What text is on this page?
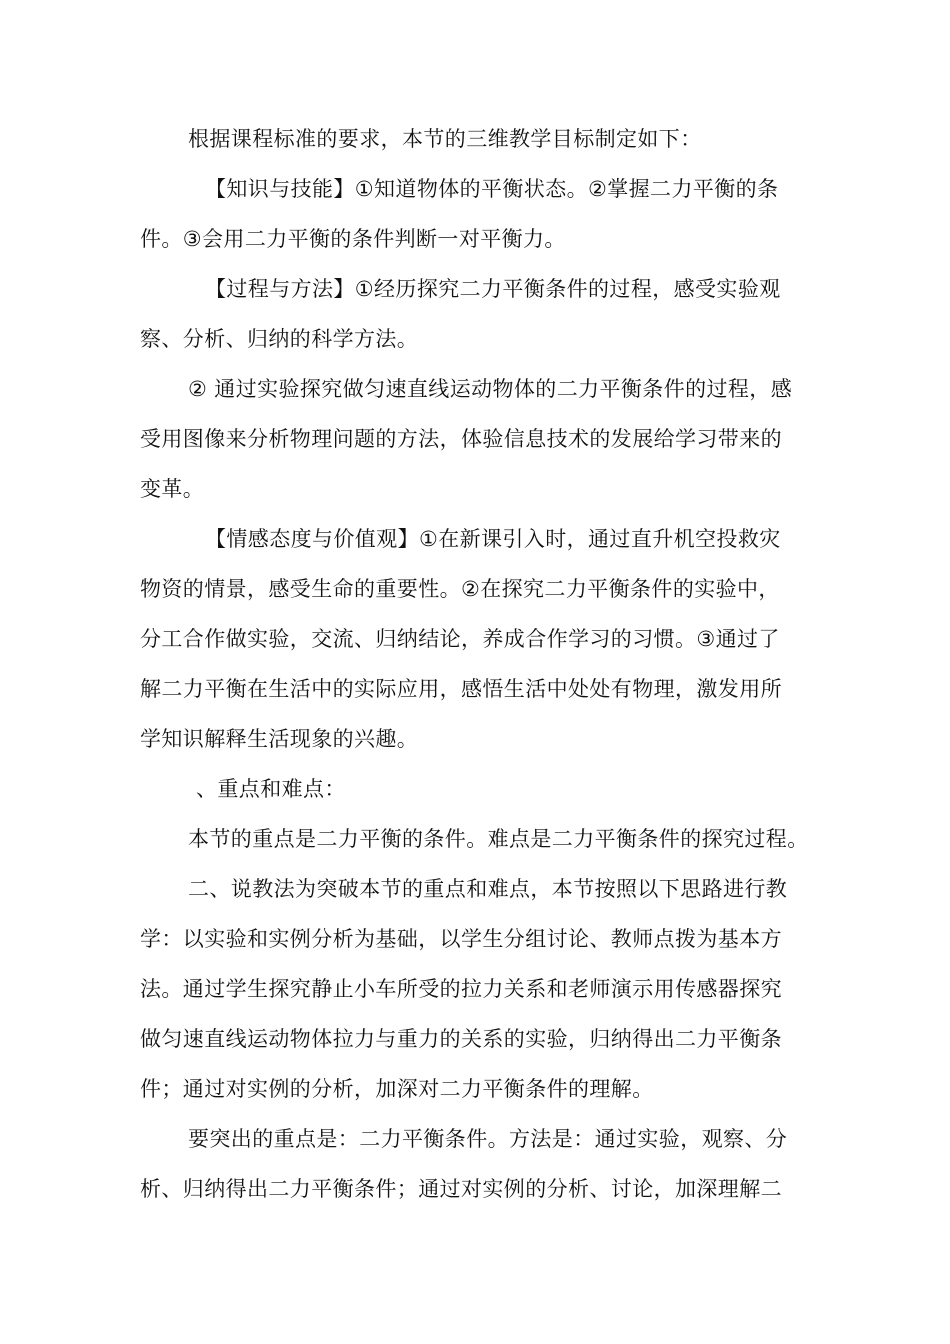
根据课程标准的要求，本节的三维教学目标制定如下：
【知识与技能】①知道物体的平衡状态。②掌握二力平衡的条
件。③会用二力平衡的条件判断一对平衡力。
【过程与方法】①经历探究二力平衡条件的过程，感受实验观
察、分析、归纳的科学方法。
② 通过实验探究做匀速直线运动物体的二力平衡条件的过程，感
受用图像来分析物理问题的方法，体验信息技术的发展给学习带来的
变革。
【情感态度与价值观】①在新课引入时，通过直升机空投救灾
物资的情景，感受生命的重要性。②在探究二力平衡条件的实验中，
分工合作做实验，交流、归纳结论，养成合作学习的习惯。③通过了
解二力平衡在生活中的实际应用，感悟生活中处处有物理，激发用所
学知识解释生活现象的兴趣。
、重点和难点：
本节的重点是二力平衡的条件。难点是二力平衡条件的探究过程。
二、说教法为突破本节的重点和难点，本节按照以下思路进行教
学：以实验和实例分析为基础，以学生分组讨论、教师点拨为基本方
法。通过学生探究静止小车所受的拉力关系和老师演示用传感器探究
做匀速直线运动物体拉力与重力的关系的实验，归纳得出二力平衡条
件；通过对实例的分析，加深对二力平衡条件的理解。
要突出的重点是：二力平衡条件。方法是：通过实验，观察、分
析、归纳得出二力平衡条件；通过对实例的分析、讨论，加深理解二
